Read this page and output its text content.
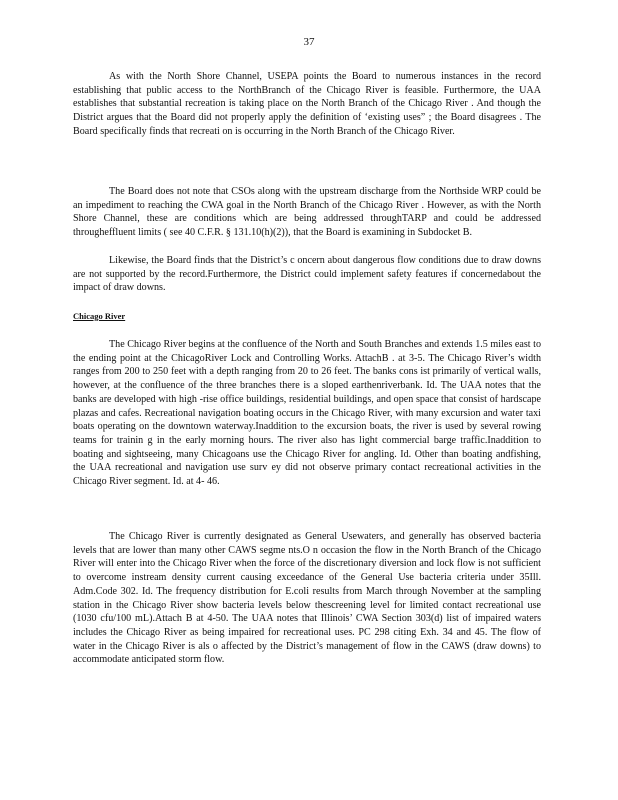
37

As with the North Shore Channel, USEPA points the Board to numerous instances in the record establishing that public access to the NorthBranch of the Chicago River is feasible. Furthermore, the UAA establishes that substantial recreation is taking place on the North Branch of the Chicago River . And though the District argues that the Board did not properly apply the definition of ‘existing uses” ; the Board disagrees . The Board specifically finds that recreati on is occurring in the North Branch of the Chicago River.

The Board does not note that CSOs along with the upstream discharge from the Northside WRP could be an impediment to reaching the CWA goal in the North Branch of the Chicago River . However, as with the North Shore Channel, these are conditions which are being addressed throughTARP and could be addressed througheffluent limits ( see 40 C.F.R. § 131.10(h)(2)), that the Board is examining in Subdocket B.

Likewise, the Board finds that the District’s c oncern about dangerous flow conditions due to draw downs are not supported by the record.Furthermore, the District could implement safety features if concernedabout the impact of draw downs.

Chicago River

The Chicago River begins at the confluence of the North and South Branches and extends 1.5 miles east to the ending point at the ChicagoRiver Lock and Controlling Works. AttachB . at 3-5. The Chicago River’s width ranges from 200 to 250 feet with a depth ranging from 20 to 26 feet. The banks cons ist primarily of vertical walls, however, at the confluence of the three branches there is a sloped earthenriverbank. Id. The UAA notes that the banks are developed with high -rise office buildings, residential buildings, and open space that consist of hardscape plazas and cafes. Recreational navigation boating occurs in the Chicago River, with many excursion and water taxi boats operating on the downtown waterway.Inaddition to the excursion boats, the river is used by several rowing teams for trainin g in the early morning hours. The river also has light commercial barge traffic.Inaddition to boating and sightseeing, many Chicagoans use the Chicago River for angling. Id. Other than boating andfishing, the UAA recreational and navigation use surv ey did not observe primary contact recreational activities in the Chicago River segment. Id. at 4- 46.

The Chicago River is currently designated as General Usewaters, and generally has observed bacteria levels that are lower than many other CAWS segme nts.O n occasion the flow in the North Branch of the Chicago River will enter into the Chicago River when the force of the discretionary diversion and lock flow is not sufficient to overcome instream density current causing exceedance of the General Use bacteria criteria under 35Ill. Adm.Code 302. Id. The frequency distribution for E.coli results from March through November at the sampling station in the Chicago River show bacteria levels below thescreening level for limited contact recreational use (1030 cfu/100 mL).Attach B at 4-50. The UAA notes that Illinois’ CWA Section 303(d) list of impaired waters includes the Chicago River as being impaired for recreational uses. PC 298 citing Exh. 34 and 45. The flow of water in the Chicago River is als o affected by the District’s management of flow in the CAWS (draw downs) to accommodate anticipated storm flow.
